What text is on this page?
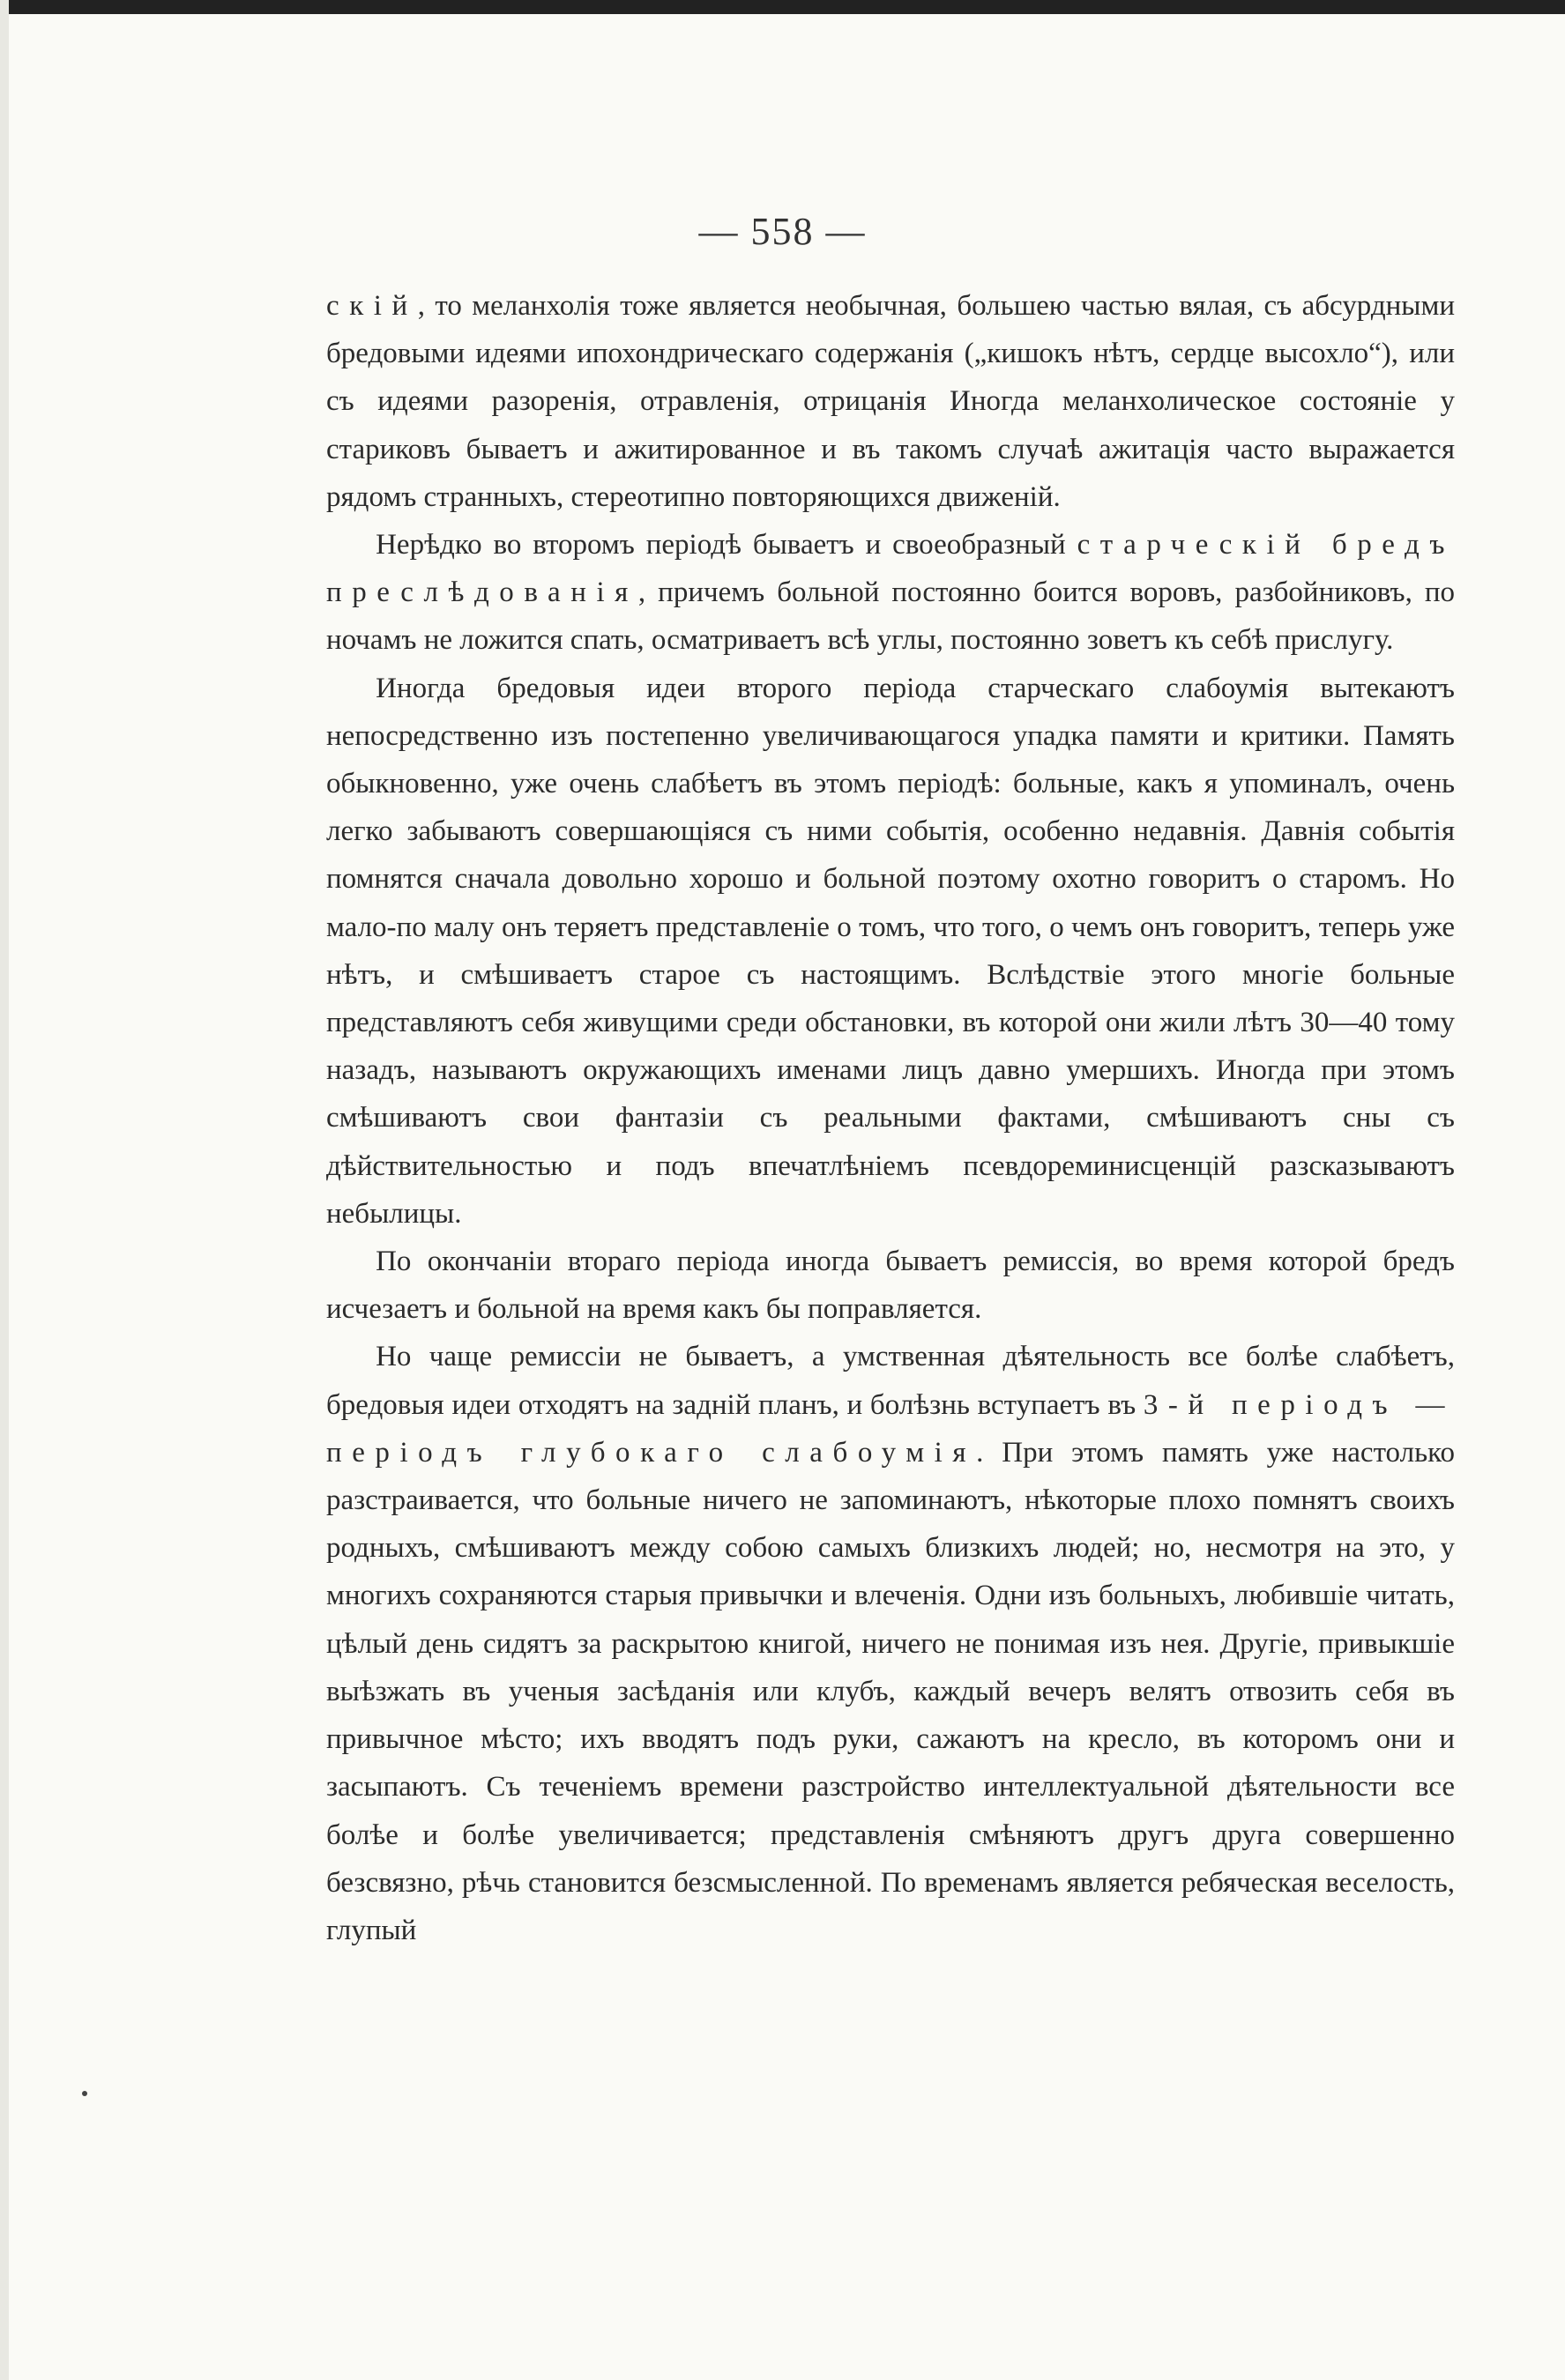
— 558 —

скій, то меланхолія тоже является необычная, большею частью вялая, съ абсурдными бредовыми идеями ипохондрическаго содержанія („кишокъ нѣтъ, сердце высохло“), или съ идеями разоренія, отравленія, отрицанія Иногда меланхолическое состояніе у стариковъ бываетъ и ажитированное и въ такомъ случаѣ ажитація часто выражается рядомъ странныхъ, стереотипно повторяющихся движеній.

Нерѣдко во второмъ періодѣ бываетъ и своеобразный старческій бредъ преслѣдованія, причемъ больной постоянно боится воровъ, разбойниковъ, по ночамъ не ложится спать, осматриваетъ всѣ углы, постоянно зоветъ къ себѣ прислугу.

Иногда бредовыя идеи второго періода старческаго слабоумія вытекаютъ непосредственно изъ постепенно увеличивающагося упадка памяти и критики. Память обыкновенно, уже очень слабѣетъ въ этомъ періодѣ: больные, какъ я упоминалъ, очень легко забываютъ совершающіяся съ ними событія, особенно недавнія. Давнія событія помнятся сначала довольно хорошо и больной поэтому охотно говоритъ о старомъ. Но мало-по малу онъ теряетъ представленіе о томъ, что того, о чемъ онъ говоритъ, теперь уже нѣтъ, и смѣшиваетъ старое съ настоящимъ. Вслѣдствіе этого многіе больные представляютъ себя живущими среди обстановки, въ которой они жили лѣтъ 30—40 тому назадъ, называютъ окружающихъ именами лицъ давно умершихъ. Иногда при этомъ смѣшиваютъ свои фантазіи съ реальными фактами, смѣшиваютъ сны съ дѣйствительностью и подъ впечатлѣніемъ псевдореминисценцій разсказываютъ небылицы.

По окончаніи втораго періода иногда бываетъ ремиссія, во время которой бредъ исчезаетъ и больной на время какъ бы поправляется.

Но чаще ремиссіи не бываетъ, а умственная дѣятельность все болѣе слабѣетъ, бредовыя идеи отходятъ на задній планъ, и болѣзнь вступаетъ въ 3-й періодъ — періодъ глубокаго слабоумія. При этомъ память уже настолько разстраивается, что больные ничего не запоминаютъ, нѣкоторые плохо помнятъ своихъ родныхъ, смѣшиваютъ между собою самыхъ близкихъ людей; но, несмотря на это, у многихъ сохраняются старыя привычки и влеченія. Одни изъ больныхъ, любившіе читать, цѣлый день сидятъ за раскрытою книгой, ничего не понимая изъ нея. Другіе, привыкшіе выѣзжать въ ученыя засѣданія или клубъ, каждый вечеръ велятъ отвозить себя въ привычное мѣсто; ихъ вводятъ подъ руки, сажаютъ на кресло, въ которомъ они и засыпаютъ. Съ теченіемъ времени разстройство интеллектуальной дѣятельности все болѣе и болѣе увеличивается; представленія смѣняютъ другъ друга совершенно безсвязно, рѣчь становится безсмысленной. По временамъ является ребяческая веселость, глупый
